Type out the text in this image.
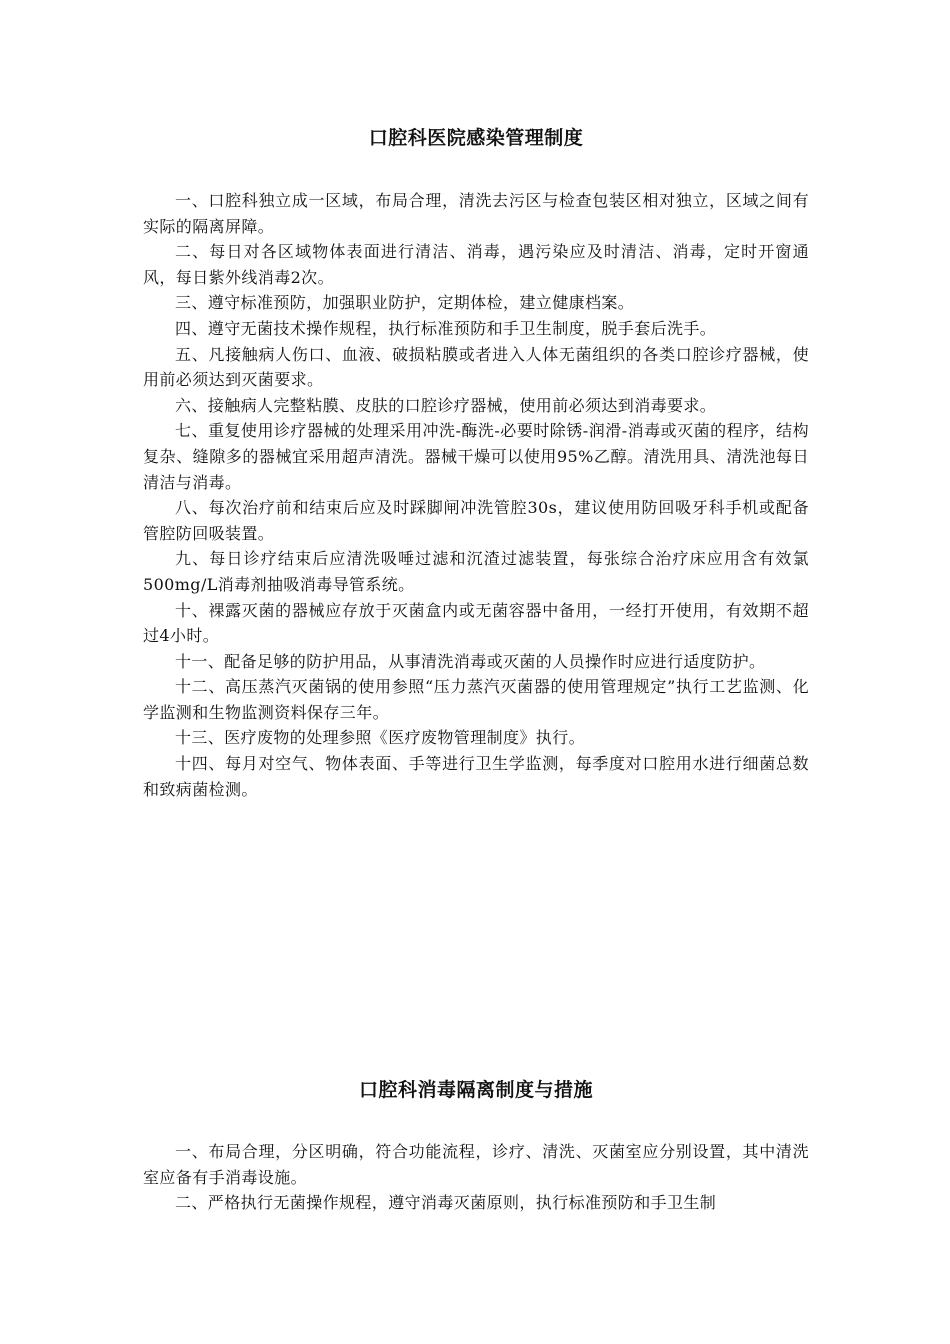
口腔科医院感染管理制度

一、口腔科独立成一区域，布局合理，清洗去污区与检查包装区相对独立，区域之间有实际的隔离屏障。

二、每日对各区域物体表面进行清洁、消毒，遇污染应及时清洁、消毒，定时开窗通风，每日紫外线消毒2次。

三、遵守标准预防，加强职业防护，定期体检，建立健康档案。

四、遵守无菌技术操作规程，执行标准预防和手卫生制度，脱手套后洗手。

五、凡接触病人伤口、血液、破损粘膜或者进入人体无菌组织的各类口腔诊疗器械，使用前必须达到灭菌要求。

六、接触病人完整粘膜、皮肤的口腔诊疗器械，使用前必须达到消毒要求。

七、重复使用诊疗器械的处理采用冲洗-酶洗-必要时除锈-润滑-消毒或灭菌的程序，结构复杂、缝隙多的器械宜采用超声清洗。器械干燥可以使用95%乙醇。清洗用具、清洗池每日清洁与消毒。

八、每次治疗前和结束后应及时踩脚闸冲洗管腔30s，建议使用防回吸牙科手机或配备管腔防回吸装置。

九、每日诊疗结束后应清洗吸唾过滤和沉渣过滤装置，每张综合治疗床应用含有效氯500mg/L消毒剂抽吸消毒导管系统。

十、裸露灭菌的器械应存放于灭菌盒内或无菌容器中备用，一经打开使用，有效期不超过4小时。

十一、配备足够的防护用品，从事清洗消毒或灭菌的人员操作时应进行适度防护。

十二、高压蒸汽灭菌锅的使用参照“压力蒸汽灭菌器的使用管理规定”执行工艺监测、化学监测和生物监测资料保存三年。

十三、医疗废物的处理参照《医疗废物管理制度》执行。

十四、每月对空气、物体表面、手等进行卫生学监测，每季度对口腔用水进行细菌总数和致病菌检测。

口腔科消毒隔离制度与措施

一、布局合理，分区明确，符合功能流程，诊疗、清洗、灭菌室应分别设置，其中清洗室应备有手消毒设施。

二、严格执行无菌操作规程，遵守消毒灭菌原则，执行标准预防和手卫生制
